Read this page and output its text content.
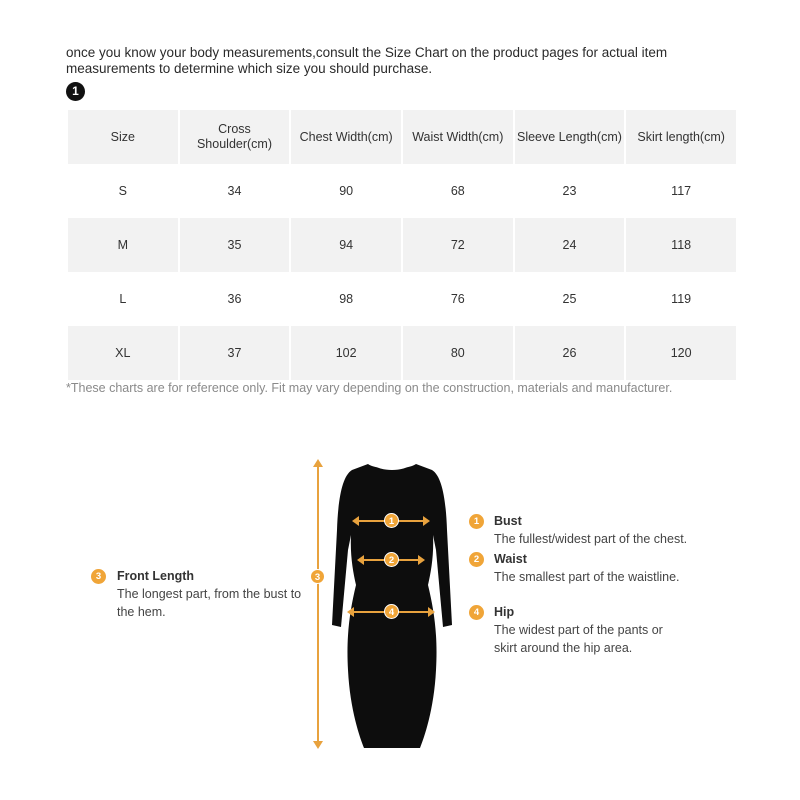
once you know your body measurements,consult the Size Chart on the product pages for actual item measurements to determine which size you should purchase.
1
Size	Cross Shoulder(cm)	Chest Width(cm)	Waist Width(cm)	Sleeve Length(cm)	Skirt length(cm)
S	34	90	68	23	117
M	35	94	72	24	118
L	36	98	76	25	119
XL	37	102	80	26	120
*These charts are for reference only. Fit may vary depending on the construction, materials and manufacturer.
3
1
2
4
3	Front Length
The longest part, from the bust to the hem.
1	Bust
The fullest/widest part of the chest.
2	Waist
The smallest part of the waistline.
4	Hip
The widest part of the pants or skirt around the hip area.
